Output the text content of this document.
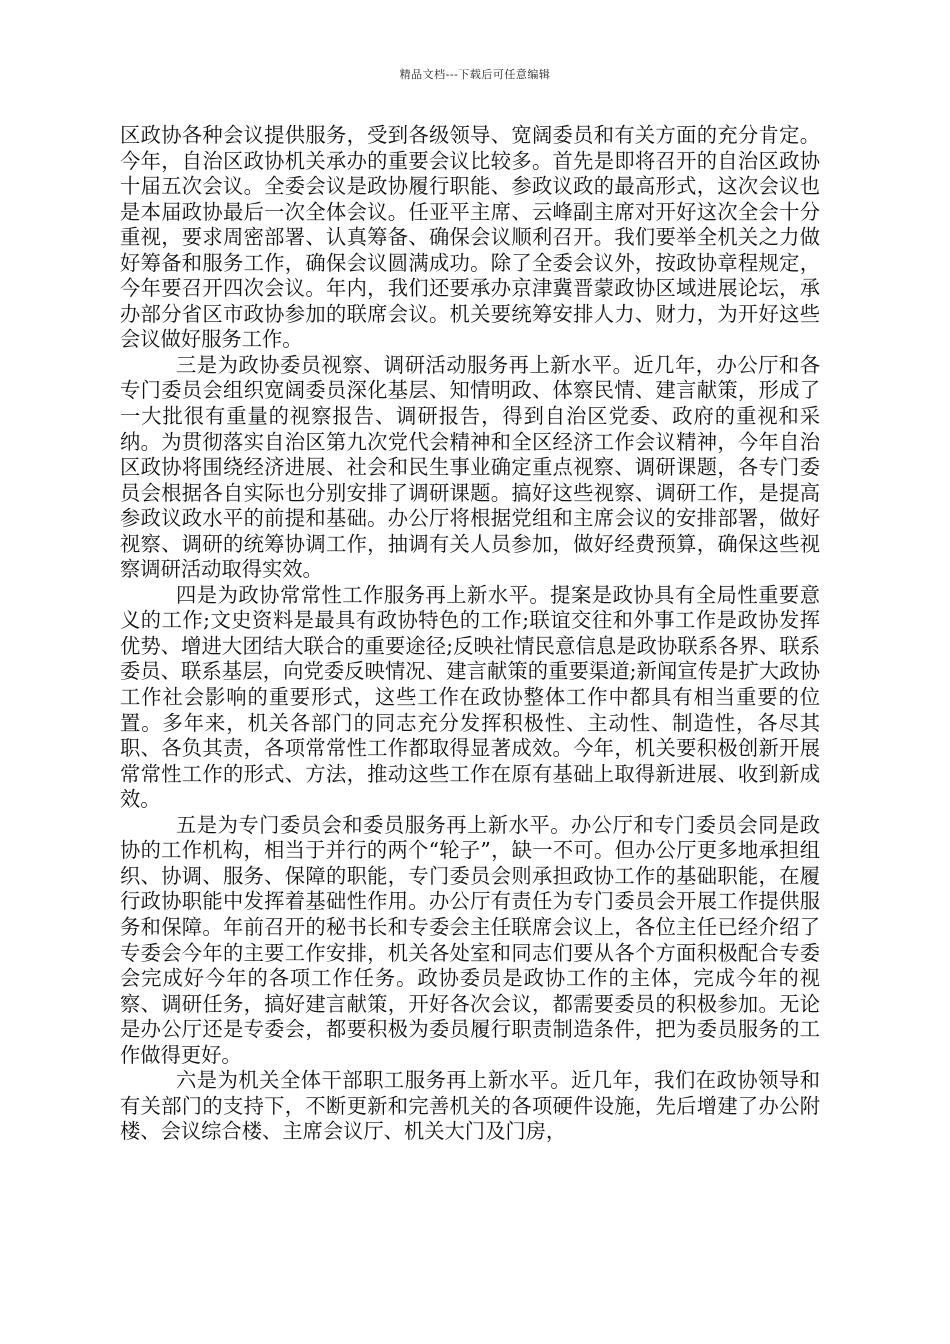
精品文档---下载后可任意编辑

区政协各种会议提供服务，受到各级领导、宽阔委员和有关方面的充分肯定。今年，自治区政协机关承办的重要会议比较多。首先是即将召开的自治区政协十届五次会议。全委会议是政协履行职能、参政议政的最高形式，这次会议也是本届政协最后一次全体会议。任亚平主席、云峰副主席对开好这次全会十分重视，要求周密部署、认真筹备、确保会议顺利召开。我们要举全机关之力做好筹备和服务工作，确保会议圆满成功。除了全委会议外，按政协章程规定，今年要召开四次会议。年内，我们还要承办京津冀晋蒙政协区域进展论坛，承办部分省区市政协参加的联席会议。机关要统筹安排人力、财力，为开好这些会议做好服务工作。

三是为政协委员视察、调研活动服务再上新水平。近几年，办公厅和各专门委员会组织宽阔委员深化基层、知情明政、体察民情、建言献策，形成了一大批很有重量的视察报告、调研报告，得到自治区党委、政府的重视和采纳。为贯彻落实自治区第九次党代会精神和全区经济工作会议精神，今年自治区政协将围绕经济进展、社会和民生事业确定重点视察、调研课题，各专门委员会根据各自实际也分别安排了调研课题。搞好这些视察、调研工作，是提高参政议政水平的前提和基础。办公厅将根据党组和主席会议的安排部署，做好视察、调研的统筹协调工作，抽调有关人员参加，做好经费预算，确保这些视察调研活动取得实效。

四是为政协常常性工作服务再上新水平。提案是政协具有全局性重要意义的工作;文史资料是最具有政协特色的工作;联谊交往和外事工作是政协发挥优势、增进大团结大联合的重要途径;反映社情民意信息是政协联系各界、联系委员、联系基层，向党委反映情况、建言献策的重要渠道;新闻宣传是扩大政协工作社会影响的重要形式，这些工作在政协整体工作中都具有相当重要的位置。多年来，机关各部门的同志充分发挥积极性、主动性、制造性，各尽其职、各负其责，各项常常性工作都取得显著成效。今年，机关要积极创新开展常常性工作的形式、方法，推动这些工作在原有基础上取得新进展、收到新成效。

五是为专门委员会和委员服务再上新水平。办公厅和专门委员会同是政协的工作机构，相当于并行的两个“轮子”，缺一不可。但办公厅更多地承担组织、协调、服务、保障的职能，专门委员会则承担政协工作的基础职能，在履行政协职能中发挥着基础性作用。办公厅有责任为专门委员会开展工作提供服务和保障。年前召开的秘书长和专委会主任联席会议上，各位主任已经介绍了专委会今年的主要工作安排，机关各处室和同志们要从各个方面积极配合专委会完成好今年的各项工作任务。政协委员是政协工作的主体，完成今年的视察、调研任务，搞好建言献策，开好各次会议，都需要委员的积极参加。无论是办公厅还是专委会，都要积极为委员履行职责制造条件，把为委员服务的工作做得更好。

六是为机关全体干部职工服务再上新水平。近几年，我们在政协领导和有关部门的支持下，不断更新和完善机关的各项硬件设施，先后增建了办公附楼、会议综合楼、主席会议厅、机关大门及门房，
